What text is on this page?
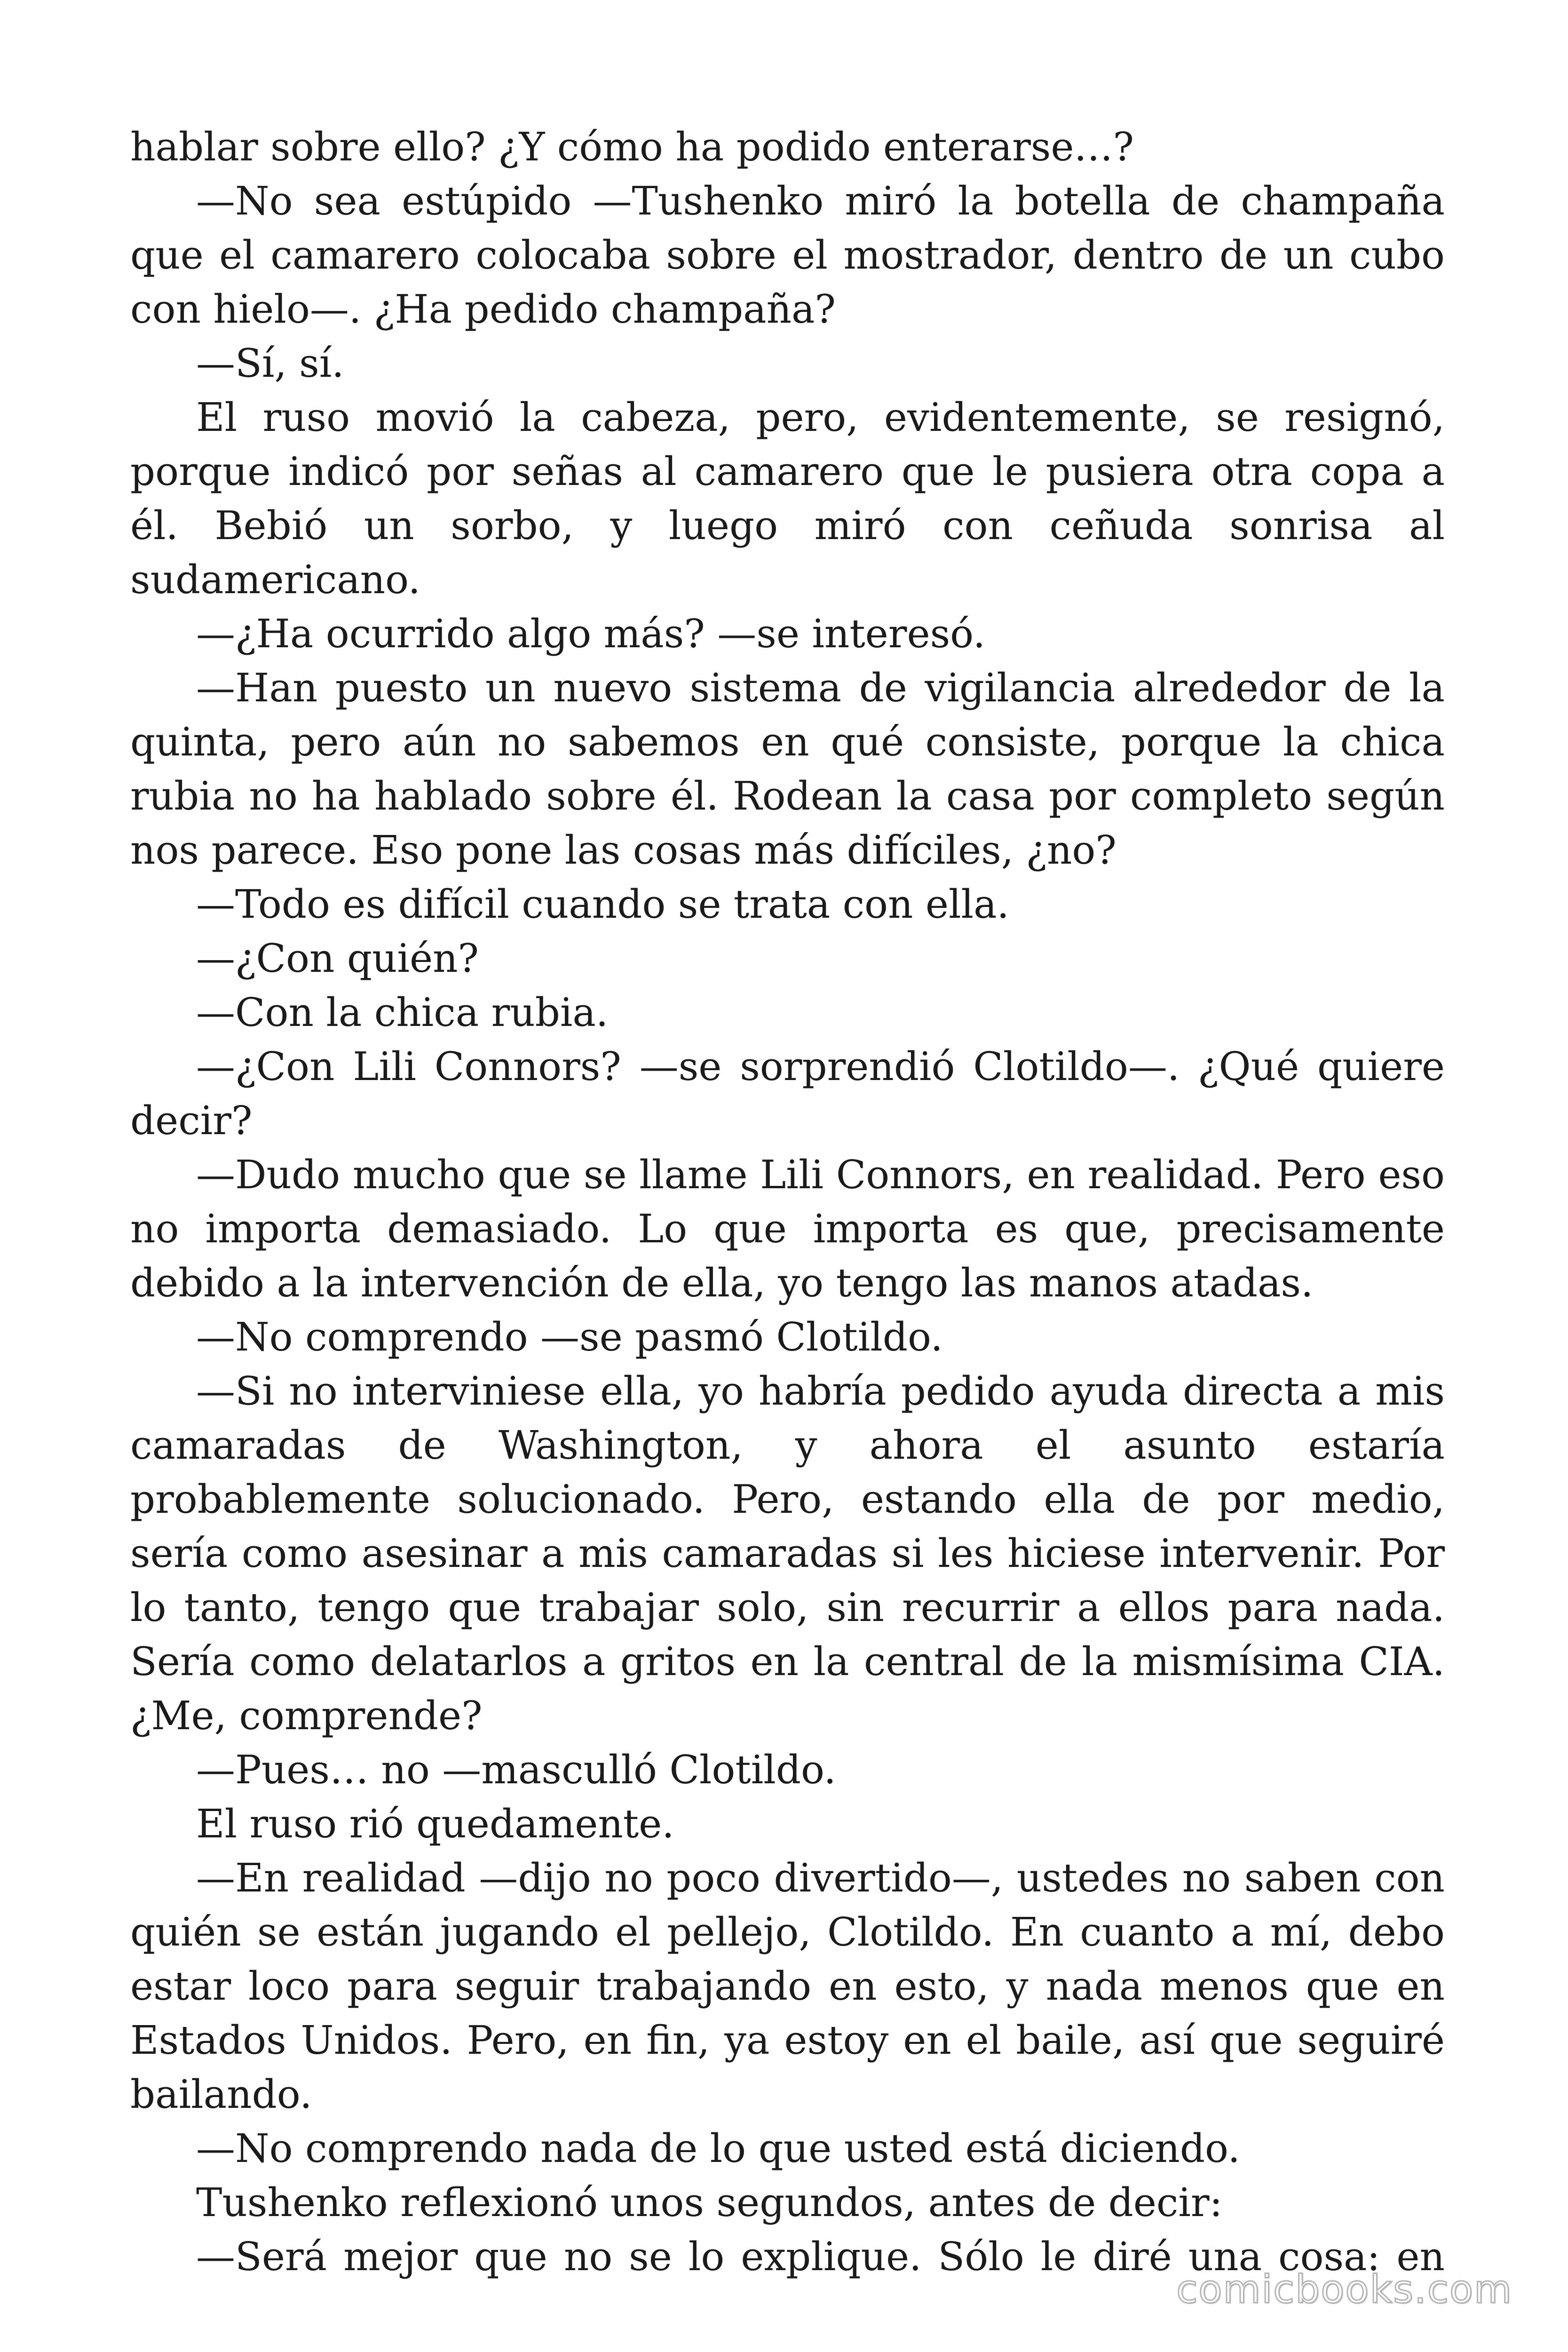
hablar sobre ello? ¿Y cómo ha podido enterarse…?

—No sea estúpido —Tushenko miró la botella de champaña que el camarero colocaba sobre el mostrador, dentro de un cubo con hielo—. ¿Ha pedido champaña?

—Sí, sí.

El ruso movió la cabeza, pero, evidentemente, se resignó, porque indicó por señas al camarero que le pusiera otra copa a él. Bebió un sorbo, y luego miró con ceñuda sonrisa al sudamericano.

—¿Ha ocurrido algo más? —se interesó.

—Han puesto un nuevo sistema de vigilancia alrededor de la quinta, pero aún no sabemos en qué consiste, porque la chica rubia no ha hablado sobre él. Rodean la casa por completo según nos parece. Eso pone las cosas más difíciles, ¿no?

—Todo es difícil cuando se trata con ella.

—¿Con quién?

—Con la chica rubia.

—¿Con Lili Connors? —se sorprendió Clotildo—. ¿Qué quiere decir?

—Dudo mucho que se llame Lili Connors, en realidad. Pero eso no importa demasiado. Lo que importa es que, precisamente debido a la intervención de ella, yo tengo las manos atadas.

—No comprendo —se pasmó Clotildo.

—Si no interviniese ella, yo habría pedido ayuda directa a mis camaradas de Washington, y ahora el asunto estaría probablemente solucionado. Pero, estando ella de por medio, sería como asesinar a mis camaradas si les hiciese intervenir. Por lo tanto, tengo que trabajar solo, sin recurrir a ellos para nada. Sería como delatarlos a gritos en la central de la mismísima CIA. ¿Me, comprende?

—Pues… no —masculló Clotildo.

El ruso rió quedamente.

—En realidad —dijo no poco divertido—, ustedes no saben con quién se están jugando el pellejo, Clotildo. En cuanto a mí, debo estar loco para seguir trabajando en esto, y nada menos que en Estados Unidos. Pero, en fin, ya estoy en el baile, así que seguiré bailando.

—No comprendo nada de lo que usted está diciendo.

Tushenko reflexionó unos segundos, antes de decir:

—Será mejor que no se lo explique. Sólo le diré una cosa: en

comicbooks.com
